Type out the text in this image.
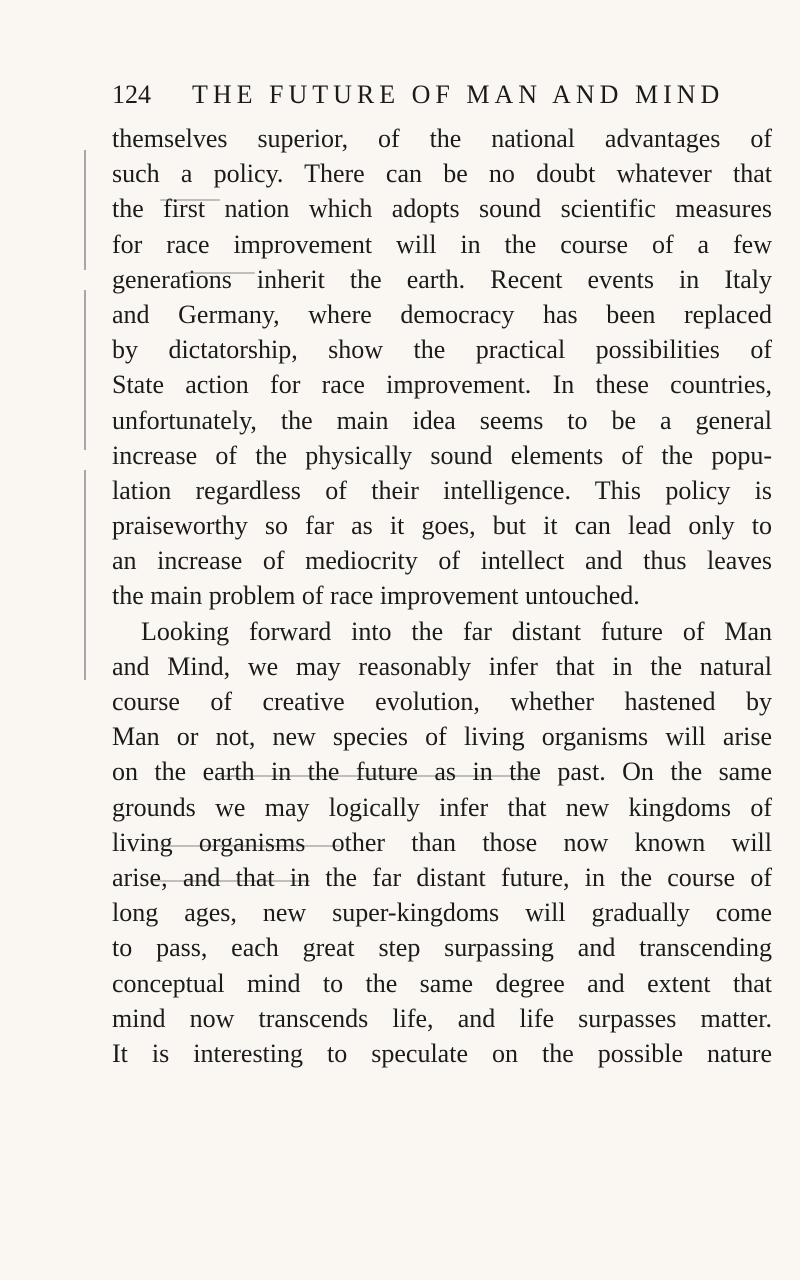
124	THE FUTURE OF MAN AND MIND
themselves superior, of the national advantages of
such a policy. There can be no doubt whatever that
the first nation which adopts sound scientific measures
for race improvement will in the course of a few
generations inherit the earth. Recent events in Italy
and Germany, where democracy has been replaced
by dictatorship, show the practical possibilities of
State action for race improvement. In these countries,
unfortunately, the main idea seems to be a general
increase of the physically sound elements of the popu-
lation regardless of their intelligence. This policy is
praiseworthy so far as it goes, but it can lead only to
an increase of mediocrity of intellect and thus leaves
the main problem of race improvement untouched.
Looking forward into the far distant future of Man
and Mind, we may reasonably infer that in the natural
course of creative evolution, whether hastened by
Man or not, new species of living organisms will arise
on the earth in the future as in the past. On the same
grounds we may logically infer that new kingdoms of
living organisms other than those now known will
arise, and that in the far distant future, in the course of
long ages, new super-kingdoms will gradually come
to pass, each great step surpassing and transcending
conceptual mind to the same degree and extent that
mind now transcends life, and life surpasses matter.
It is interesting to speculate on the possible nature
